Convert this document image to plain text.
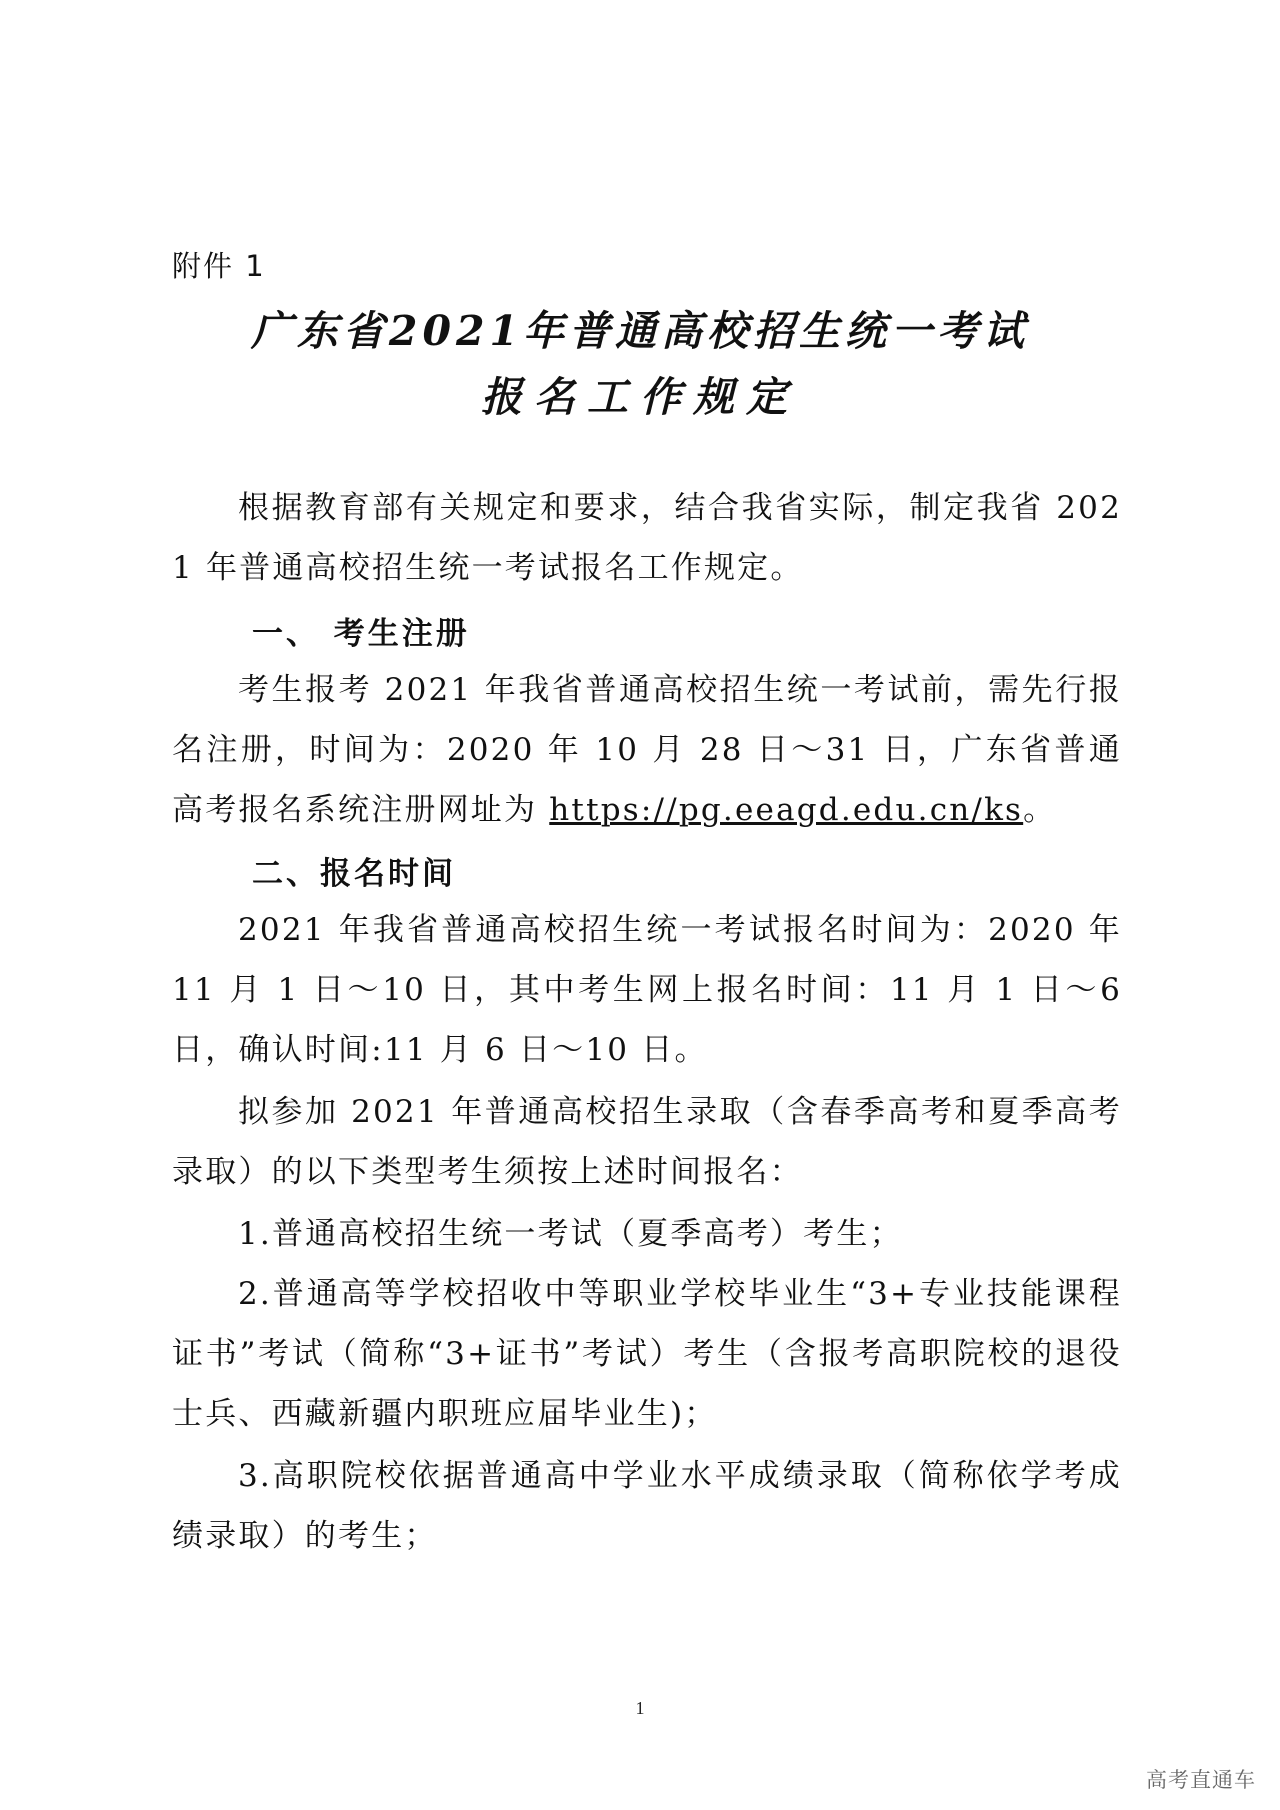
附件 1
广东省2021年普通高校招生统一考试
报名工作规定
根据教育部有关规定和要求，结合我省实际，制定我省 2021 年普通高校招生统一考试报名工作规定。
一、 考生注册
考生报考 2021 年我省普通高校招生统一考试前，需先行报名注册，时间为：2020 年 10 月 28 日～31 日，广东省普通高考报名系统注册网址为 https://pg.eeagd.edu.cn/ks。
二、报名时间
2021 年我省普通高校招生统一考试报名时间为：2020 年 11 月 1 日～10 日，其中考生网上报名时间：11 月 1 日～6 日，确认时间:11 月 6 日～10 日。
拟参加 2021 年普通高校招生录取（含春季高考和夏季高考录取）的以下类型考生须按上述时间报名：
1.普通高校招生统一考试（夏季高考）考生；
2.普通高等学校招收中等职业学校毕业生“3+专业技能课程证书”考试（简称“3+证书”考试）考生（含报考高职院校的退役士兵、西藏新疆内职班应届毕业生)；
3.高职院校依据普通高中学业水平成绩录取（简称依学考成绩录取）的考生；
1
高考直通车
